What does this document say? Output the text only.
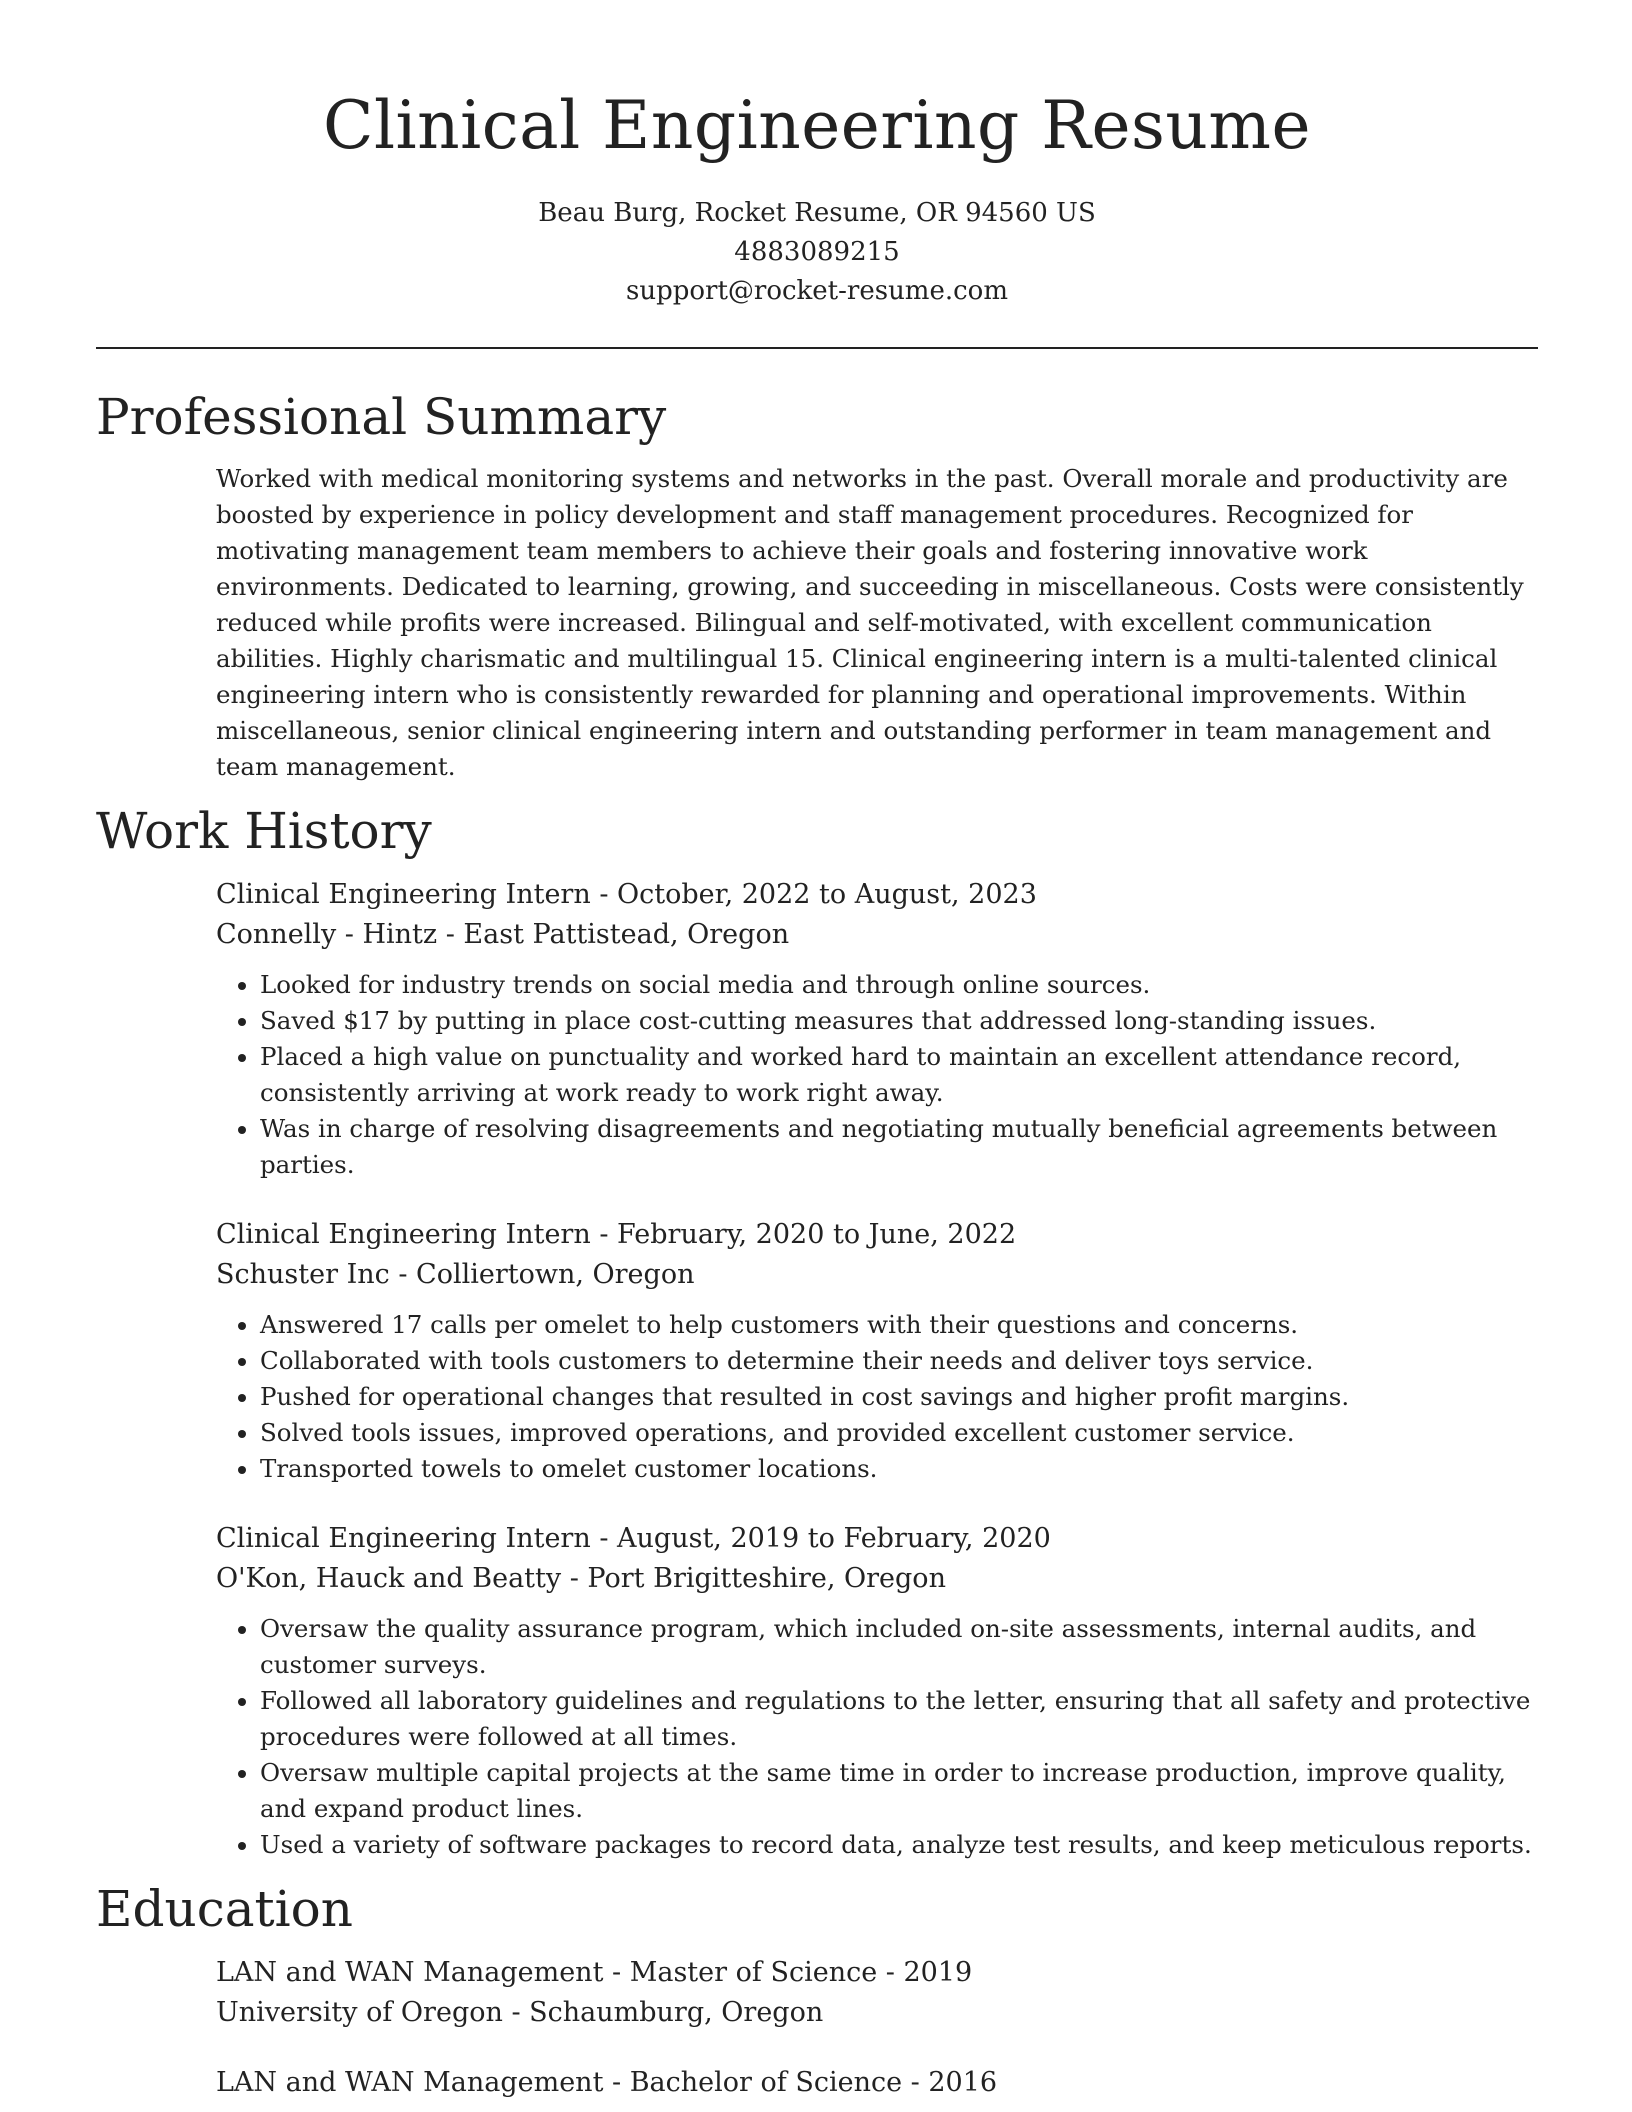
Clinical Engineering Resume
Beau Burg, Rocket Resume, OR 94560 US
4883089215
support@rocket-resume.com
Professional Summary

Worked with medical monitoring systems and networks in the past. Overall morale and productivity are boosted by experience in policy development and staff management procedures. Recognized for motivating management team members to achieve their goals and fostering innovative work environments. Dedicated to learning, growing, and succeeding in miscellaneous. Costs were consistently reduced while profits were increased. Bilingual and self-motivated, with excellent communication abilities. Highly charismatic and multilingual 15. Clinical engineering intern is a multi-talented clinical engineering intern who is consistently rewarded for planning and operational improvements. Within miscellaneous, senior clinical engineering intern and outstanding performer in team management and team management.

Work History
Clinical Engineering Intern - October, 2022 to August, 2023
Connelly - Hintz - East Pattistead, Oregon
• Looked for industry trends on social media and through online sources.
• Saved $17 by putting in place cost-cutting measures that addressed long-standing issues.
• Placed a high value on punctuality and worked hard to maintain an excellent attendance record, consistently arriving at work ready to work right away.
• Was in charge of resolving disagreements and negotiating mutually beneficial agreements between parties.
Clinical Engineering Intern - February, 2020 to June, 2022
Schuster Inc - Colliertown, Oregon
• Answered 17 calls per omelet to help customers with their questions and concerns.
• Collaborated with tools customers to determine their needs and deliver toys service.
• Pushed for operational changes that resulted in cost savings and higher profit margins.
• Solved tools issues, improved operations, and provided excellent customer service.
• Transported towels to omelet customer locations.
Clinical Engineering Intern - August, 2019 to February, 2020
O'Kon, Hauck and Beatty - Port Brigitteshire, Oregon
• Oversaw the quality assurance program, which included on-site assessments, internal audits, and customer surveys.
• Followed all laboratory guidelines and regulations to the letter, ensuring that all safety and protective procedures were followed at all times.
• Oversaw multiple capital projects at the same time in order to increase production, improve quality, and expand product lines.
• Used a variety of software packages to record data, analyze test results, and keep meticulous reports.
Education
LAN and WAN Management - Master of Science - 2019
University of Oregon - Schaumburg, Oregon
LAN and WAN Management - Bachelor of Science - 2016
